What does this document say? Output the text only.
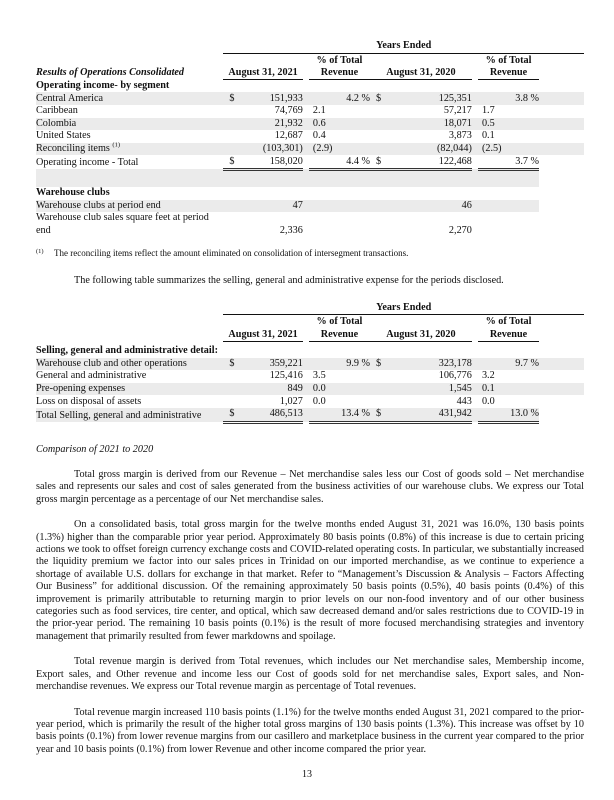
	Years Ended								
				% of Total				% of Total	
Results of Operations Consolidated	August 31, 2021			Revenue	August 31, 2020			Revenue	
Operating income- by segment									
Central America	$	151,933		4.2 %	$	125,351		3.8 %	
Caribbean		74,769		2.1		57,217		1.7	
Colombia		21,932		0.6		18,071		0.5	
United States		12,687		0.4		3,873		0.1	
Reconciling items $^{(1)}$		(103,301)		(2.9)		(82,044)		(2.5)	
Operating income - Total	$	158,020		4.4 %	$	122,468		3.7 %	

Warehouse clubs									
Warehouse clubs at period end		47				46			
Warehouse club sales square feet at period end		2,336				2,270			
(1)	The reconciling items reflect the amount eliminated on consolidation of intersegment transactions.

The following table summarizes the selling, general and administrative expense for the periods disclosed.

	Years Ended								
				% of Total				% of Total	
	August 31, 2021			Revenue	August 31, 2020			Revenue	
Selling, general and administrative detail:									
Warehouse club and other operations	$	359,221		9.9 %	$	323,178		9.7 %	
General and administrative		125,416		3.5		106,776		3.2	
Pre-opening expenses		849		0.0		1,545		0.1	
Loss on disposal of assets		1,027		0.0		443		0.0	
Total Selling, general and administrative	$	486,513		13.4 %	$	431,942		13.0 %	

Comparison of 2021 to 2020

Total gross margin is derived from our Revenue – Net merchandise sales less our Cost of goods sold – Net merchandise sales and represents our sales and cost of sales generated from the business activities of our warehouse clubs. We express our Total gross margin percentage as a percentage of our Net merchandise sales.

On a consolidated basis, total gross margin for the twelve months ended August 31, 2021 was 16.0%, 130 basis points (1.3%) higher than the comparable prior year period. Approximately 80 basis points (0.8%) of this increase is due to certain pricing actions we took to offset foreign currency exchange costs and COVID-related operating costs. In particular, we substantially increased the liquidity premium we factor into our sales prices in Trinidad on our imported merchandise, as we continue to experience a shortage of available U.S. dollars for exchange in that market. Refer to “Management’s Discussion & Analysis – Factors Affecting Our Business” for additional discussion. Of the remaining approximately 50 basis points (0.5%), 40 basis points (0.4%) of this improvement is primarily attributable to returning margin to prior levels on our non-food inventory and of our other business categories such as food services, tire center, and optical, which saw decreased demand and/or sales restrictions due to COVID-19 in the prior-year period. The remaining 10 basis points (0.1%) is the result of more focused merchandising strategies and inventory management that primarily resulted from fewer markdowns and spoilage.

Total revenue margin is derived from Total revenues, which includes our Net merchandise sales, Membership income, Export sales, and Other revenue and income less our Cost of goods sold for net merchandise sales, Export sales, and Non-merchandise revenues. We express our Total revenue margin as percentage of Total revenues.

Total revenue margin increased 110 basis points (1.1%) for the twelve months ended August 31, 2021 compared to the prior-year period, which is primarily the result of the higher total gross margins of 130 basis points (1.3%). This increase was offset by 10 basis points (0.1%) from lower revenue margins from our casillero and marketplace business in the current year compared to the prior year and 10 basis points (0.1%) from lower Revenue and other income compared the prior year.

13
